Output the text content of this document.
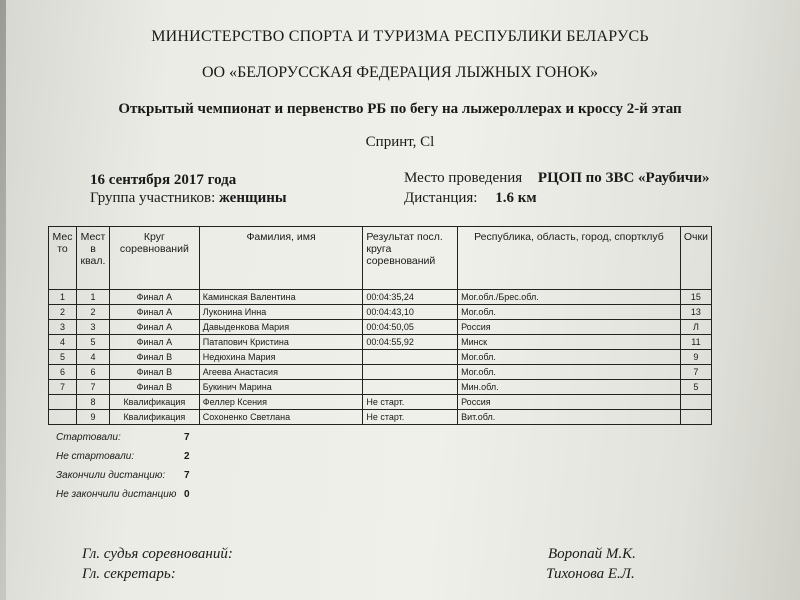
МИНИСТЕРСТВО СПОРТА И ТУРИЗМА РЕСПУБЛИКИ БЕЛАРУСЬ
ОО «БЕЛОРУССКАЯ ФЕДЕРАЦИЯ ЛЫЖНЫХ ГОНОК»
Открытый чемпионат и первенство РБ по бегу на лыжероллерах и кроссу 2-й этап
Спринт, Cl
16 сентября 2017 года
Группа участников: женщины
Место проведения РЦОП по ЗВС «Раубичи»
Дистанция: 1.6 км
Мес то	Мест в квал.	Круг соревнований	Фамилия, имя	Результат посл. круга соревнований	Республика, область, город, спортклуб	Очки
1	1	Финал А	Каминская Валентина	00:04:35,24	Мог.обл./Брес.обл.	15
2	2	Финал А	Луконина Инна	00:04:43,10	Мог.обл.	13
3	3	Финал А	Давыденкова Мария	00:04:50,05	Россия	Л
4	5	Финал А	Патапович Кристина	00:04:55,92	Минск	11
5	4	Финал В	Недюхина Мария		Мог.обл.	9
6	6	Финал В	Агеева Анастасия		Мог.обл.	7
7	7	Финал В	Букинич Марина		Мин.обл.	5
	8	Квалификация	Феллер Ксения	Не старт.	Россия	
	9	Квалификация	Сохоненко Светлана	Не старт.	Вит.обл.	
Стартовали:	7
Не стартовали:	2
Закончили дистанцию: 7
Не закончили дистанцию 0
Гл. судья соревнований:	Воропай М.К.
Гл. секретарь:	Тихонова Е.Л.
